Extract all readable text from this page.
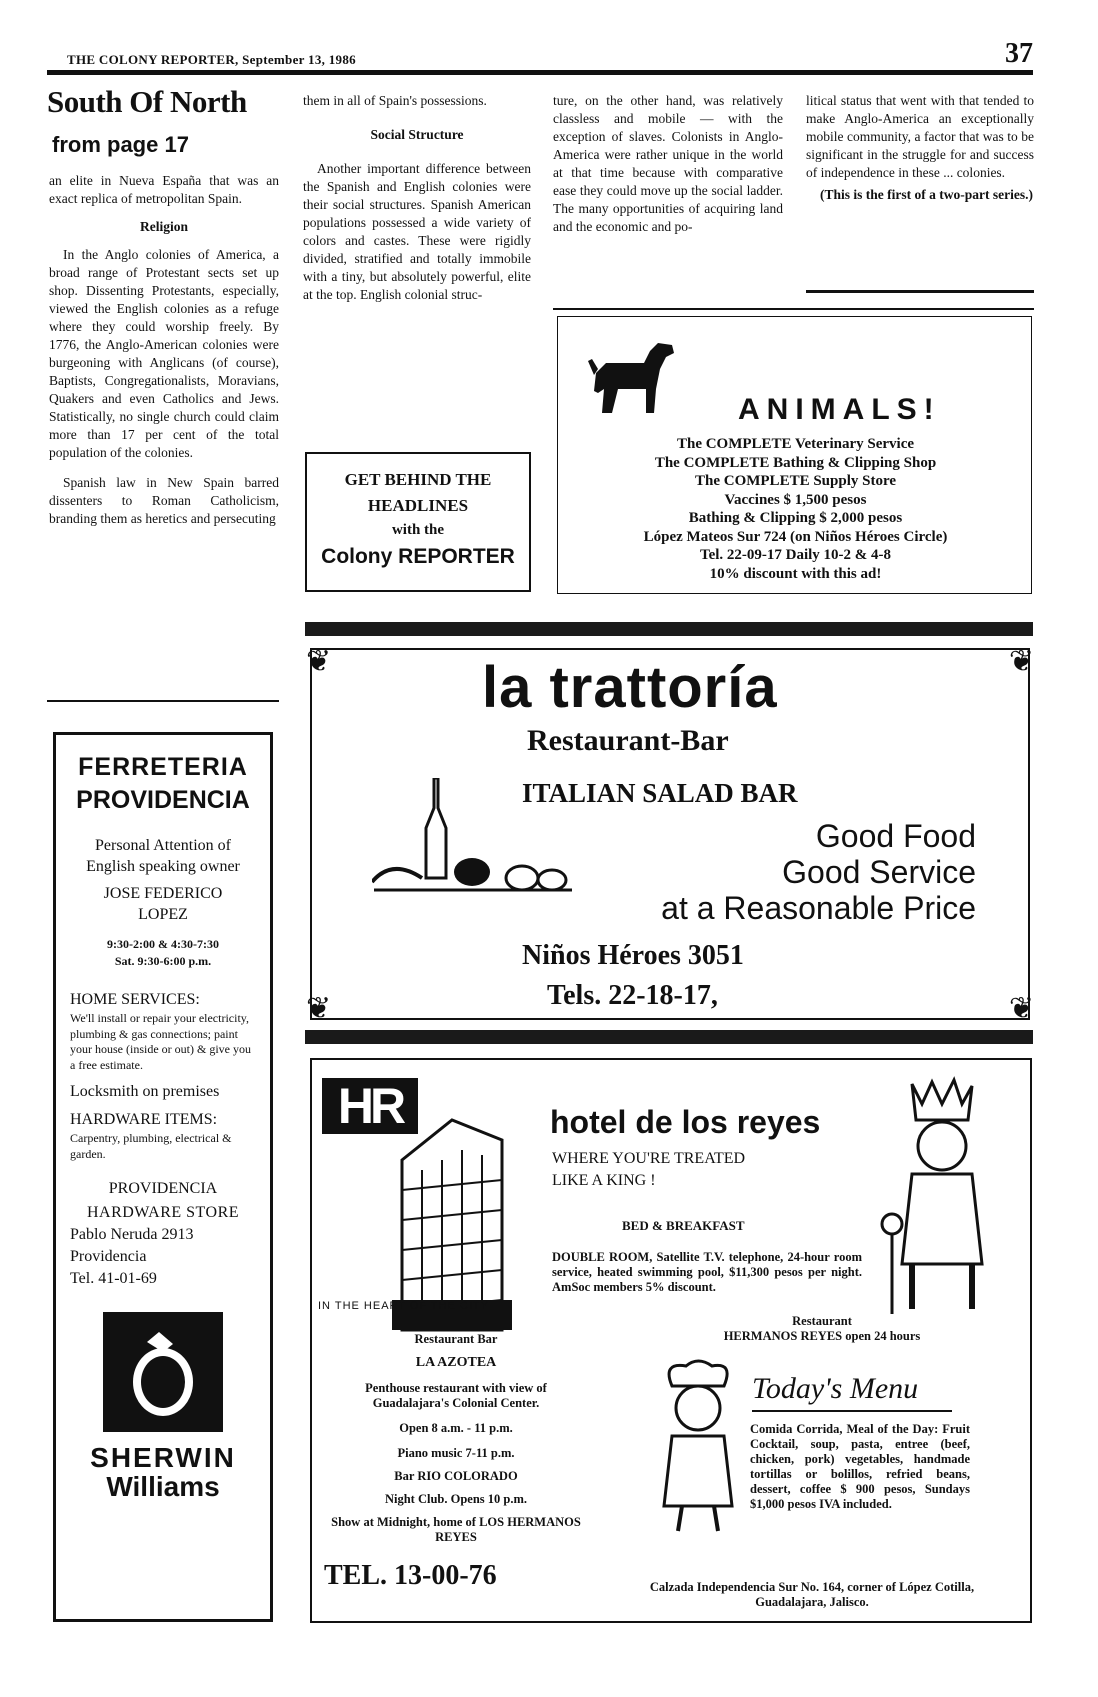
THE COLONY REPORTER, September 13, 1986	37
South Of North
from page 17

an elite in Nueva España that was an exact replica of metropolitan Spain.

Religion

In the Anglo colonies of America, a broad range of Protestant sects set up shop. Dissenting Protestants, especially, viewed the English colonies as a refuge where they could worship freely. By 1776, the Anglo-American colonies were burgeoning with Anglicans (of course), Baptists, Congregationalists, Moravians, Quakers and even Catholics and Jews. Statistically, no single church could claim more than 17 per cent of the total population of the colonies.

Spanish law in New Spain barred dissenters to Roman Catholicism, branding them as heretics and persecuting

them in all of Spain's possessions.

Social Structure

Another important difference between the Spanish and English colonies were their social structures. Spanish American populations possessed a wide variety of colors and castes. These were rigidly divided, stratified and totally immobile with a tiny, but absolutely powerful, elite at the top. English colonial struc-

GET BEHIND THE
HEADLINES
with the
Colony REPORTER

ture, on the other hand, was relatively classless and mobile — with the exception of slaves. Colonists in Anglo-America were rather unique in the world at that time because with comparative ease they could move up the social ladder. The many opportunities of acquiring land and the economic and po-

litical status that went with that tended to make Anglo-America an exceptionally mobile community, a factor that was to be significant in the struggle for and success of independence in these ... colonies.

(This is the first of a two-part series.)

ANIMALS!
The COMPLETE Veterinary Service
The COMPLETE Bathing & Clipping Shop
The COMPLETE Supply Store
Vaccines $ 1,500 pesos
Bathing & Clipping $ 2,000 pesos
López Mateos Sur 724 (on Niños Héroes Circle)
Tel. 22-09-17 Daily 10-2 & 4-8
10% discount with this ad!
❦	❦
❦	❦
la trattoría
Restaurant-Bar
ITALIAN SALAD BAR
Good Food
Good Service
at a Reasonable Price
Niños Héroes 3051
Tels. 22-18-17,
FERRETERIA
PROVIDENCIA
Personal Attention of English speaking owner
JOSE FEDERICO LOPEZ
9:30-2:00 & 4:30-7:30
Sat. 9:30-6:00 p.m.
HOME SERVICES:
We'll install or repair your electricity, plumbing & gas connections; paint your house (inside or out) & give you a free estimate.
Locksmith on premises
HARDWARE ITEMS:
Carpentry, plumbing, electrical & garden.
PROVIDENCIA
HARDWARE STORE
Pablo Neruda 2913
Providencia
Tel. 41-01-69
SHERWIN
Williams
HR
IN THE HEART OF THE CITY
hotel de los reyes
WHERE YOU'RE TREATED
LIKE A KING !
BED & BREAKFAST
DOUBLE ROOM, Satellite T.V. telephone, 24-hour room service, heated swimming pool, $11,300 pesos per night. AmSoc members 5% discount.
Restaurant Bar
LA AZOTEA
Penthouse restaurant with view of Guadalajara's Colonial Center.
Open 8 a.m. - 11 p.m.
Piano music 7-11 p.m.
Bar RIO COLORADO
Night Club. Opens 10 p.m.
Show at Midnight, home of LOS HERMANOS REYES
TEL. 13-00-76
Restaurant
HERMANOS REYES open 24 hours
Today's Menu
Comida Corrida, Meal of the Day: Fruit Cocktail, soup, pasta, entree (beef, chicken, pork) vegetables, handmade tortillas or bolillos, refried beans, dessert, coffee $ 900 pesos, Sundays $1,000 pesos IVA included.
Calzada Independencia Sur No. 164, corner of López Cotilla, Guadalajara, Jalisco.
